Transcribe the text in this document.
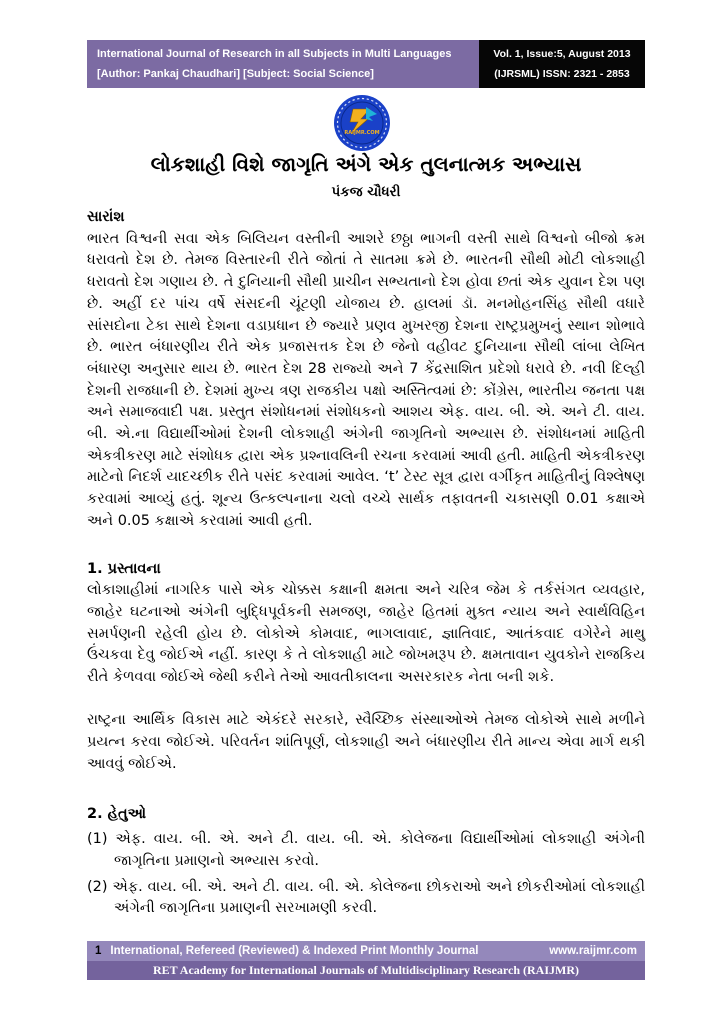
International Journal of Research in all Subjects in Multi Languages
[Author: Pankaj Chaudhari] [Subject: Social Science]
Vol. 1, Issue:5, August 2013
(IJRSML) ISSN: 2321 - 2853
RAIJMR.COM
લોકશાહી વિશે જાગૃતિ અંગે એક તુલનાત્મક અભ્યાસ
પંકજ ચૌધરી
સારાંશ

ભારત વિશ્વની સવા એક બિલિયન વસ્તીની આશરે છઠ્ઠા ભાગની વસ્તી સાથે વિશ્વનો બીજો ક્રમ ધરાવતો દેશ છે. તેમજ વિસ્તારની રીતે જોતાં તે સાતમા ક્રમે છે. ભારતની સૌથી મોટી લોકશાહી ધરાવતો દેશ ગણાય છે. તે દુનિયાની સૌથી પ્રાચીન સભ્યતાનો દેશ હોવા છતાં એક યુવાન દેશ પણ છે. અહીં દર પાંચ વર્ષે સંસદની ચૂંટણી યોજાય છે. હાલમાં ડૉ. મનમોહનસિંહ સૌથી વધારે સાંસદોના ટેકા સાથે દેશના વડાપ્રધાન છે જ્યારે પ્રણવ મુખરજી દેશના રાષ્ટ્રપ્રમુખનું સ્થાન શોભાવે છે. ભારત બંધારણીય રીતે એક પ્રજાસત્તક દેશ છે જેનો વહીવટ દુનિયાના સૌથી લાંબા લેખિત બંધારણ અનુસાર થાય છે. ભારત દેશ 28 રાજ્યો અને 7 કેંદ્રસાશિત પ્રદેશો ધરાવે છે. નવી દિલ્હી દેશની રાજધાની છે. દેશમાં મુખ્ય ત્રણ રાજકીય પક્ષો અસ્તિત્વમાં છે: કોંગ્રેસ, ભારતીય જનતા પક્ષ અને સમાજવાદી પક્ષ. પ્રસ્તુત સંશોધનમાં સંશોધકનો આશય એફ. વાય. બી. એ. અને ટી. વાય. બી. એ.ના વિદ્યાર્થીઓમાં દેશની લોકશાહી અંગેની જાગૃતિનો અભ્યાસ છે. સંશોધનમાં માહિતી એકત્રીકરણ માટે સંશોધક દ્વારા એક પ્રશ્નાવલિની રચના કરવામાં આવી હતી. માહિતી એકત્રીકરણ માટેનો નિદર્શ યાદચ્છીક રીતે પસંદ કરવામાં આવેલ. ‘t’ ટેસ્ટ સૂત્ર દ્વારા વર્ગીકૃત માહિતીનું વિશ્લેષણ કરવામાં આવ્યું હતું. શૂન્ય ઉત્કલ્પનાના ચલો વચ્ચે સાર્થક તફાવતની ચકાસણી 0.01 કક્ષાએ અને 0.05 કક્ષાએ કરવામાં આવી હતી.

1. પ્રસ્તાવના

લોકાશાહીમાં નાગરિક પાસે એક ચોક્કસ કક્ષાની ક્ષમતા અને ચરિત્ર જેમ કે તર્કસંગત વ્યવહાર, જાહેર ઘટનાઓ અંગેની બુદ્ધિપૂર્વકની સમજણ, જાહેર હિતમાં મુક્ત ન્યાય અને સ્વાર્થવિહિન સમર્પણની રહેલી હોય છે. લોકોએ કોમવાદ, ભાગલાવાદ, જ્ઞાતિવાદ, આતંકવાદ વગેરેને માથુ ઉંચકવા દેવુ જોઈએ નહીં. કારણ કે તે લોકશાહી માટે જોખમરૂપ છે. ક્ષમતાવાન યુવકોને રાજકિય રીતે કેળવવા જોઈએ જેથી કરીને તેઓ આવતીકાલના અસરકારક નેતા બની શકે.

રાષ્ટ્રના આર્થિક વિકાસ માટે એકંદરે સરકારે, સ્વૈચ્છિક સંસ્થાઓએ તેમજ લોકોએ સાથે મળીને પ્રયત્ન કરવા જોઈએ. પરિવર્તન શાંતિપૂર્ણ, લોકશાહી અને બંધારણીય રીતે માન્ય એવા માર્ગ થકી આવવું જોઈએ.

2. હેતુઓ

(1) એફ. વાય. બી. એ. અને ટી. વાય. બી. એ. કોલેજના વિદ્યાર્થીઓમાં લોકશાહી અંગેની જાગૃતિના પ્રમાણનો અભ્યાસ કરવો.

(2) એફ. વાય. બી. એ. અને ટી. વાય. બી. એ. કોલેજના છોકરાઓ અને છોકરીઓમાં લોકશાહી અંગેની જાગૃતિના પ્રમાણની સરખામણી કરવી.

1 International, Refereed (Reviewed) & Indexed Print Monthly Journal	www.raijmr.com
RET Academy for International Journals of Multidisciplinary Research (RAIJMR)
